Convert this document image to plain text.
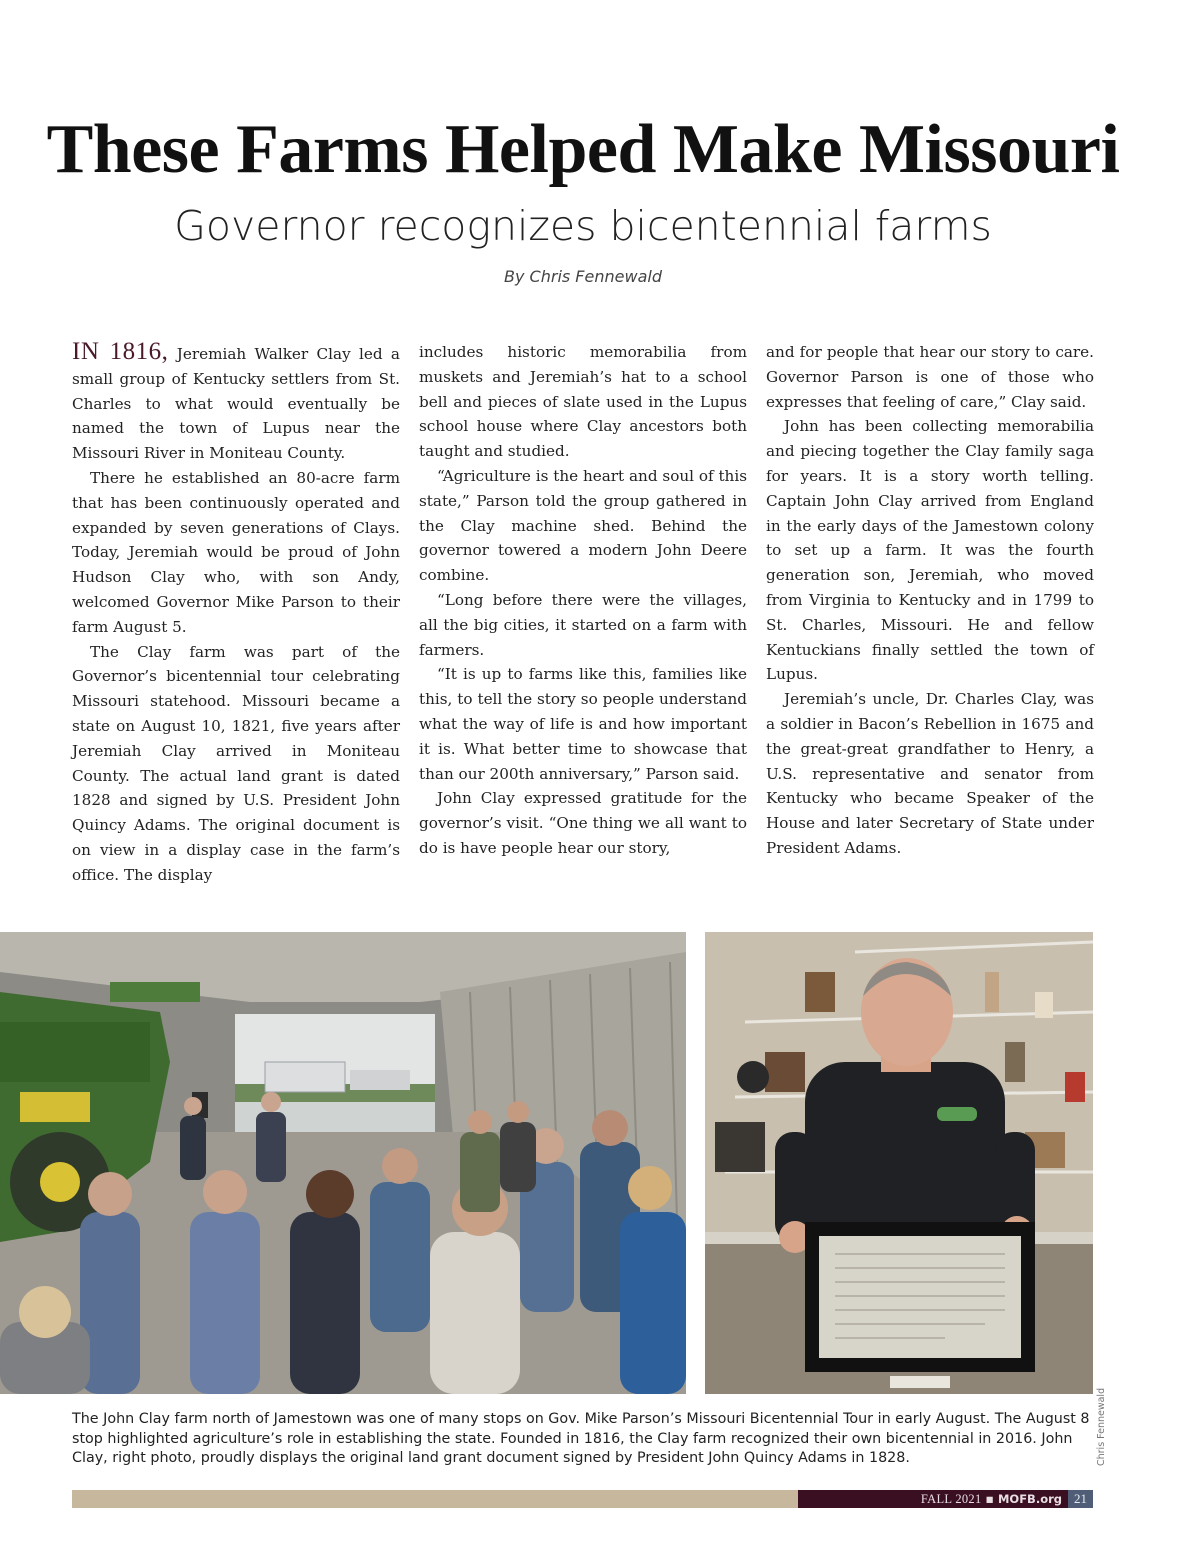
These Farms Helped Make Missouri
Governor recognizes bicentennial farms
By Chris Fennewald

IN 1816, Jeremiah Walker Clay led a small group of Kentucky settlers from St. Charles to what would eventually be named the town of Lupus near the Missouri River in Moniteau County.

There he established an 80-acre farm that has been continuously operated and expanded by seven generations of Clays. Today, Jeremiah would be proud of John Hudson Clay who, with son Andy, welcomed Governor Mike Parson to their farm August 5.

The Clay farm was part of the Governor’s bicentennial tour celebrating Missouri statehood. Missouri became a state on August 10, 1821, five years after Jeremiah Clay arrived in Moniteau County. The actual land grant is dated 1828 and signed by U.S. President John Quincy Adams. The original document is on view in a display case in the farm’s office. The display

includes historic memorabilia from muskets and Jeremiah’s hat to a school bell and pieces of slate used in the Lupus school house where Clay ancestors both taught and studied.

“Agriculture is the heart and soul of this state,” Parson told the group gathered in the Clay machine shed. Behind the governor towered a modern John Deere combine.

“Long before there were the villages, all the big cities, it started on a farm with farmers.

“It is up to farms like this, families like this, to tell the story so people understand what the way of life is and how important it is. What better time to showcase that than our 200th anniversary,” Parson said.

John Clay expressed gratitude for the governor’s visit. “One thing we all want to do is have people hear our story,

and for people that hear our story to care. Governor Parson is one of those who expresses that feeling of care,” Clay said.

John has been collecting memorabilia and piecing together the Clay family saga for years. It is a story worth telling. Captain John Clay arrived from England in the early days of the Jamestown colony to set up a farm. It was the fourth generation son, Jeremiah, who moved from Virginia to Kentucky and in 1799 to St. Charles, Missouri. He and fellow Kentuckians finally settled the town of Lupus.

Jeremiah’s uncle, Dr. Charles Clay, was a soldier in Bacon’s Rebellion in 1675 and the great-great grandfather to Henry, a U.S. representative and senator from Kentucky who became Speaker of the House and later Secretary of State under President Adams.

Chris Fennewald
The John Clay farm north of Jamestown was one of many stops on Gov. Mike Parson’s Missouri Bicentennial Tour in early August. The August 8 stop highlighted agriculture’s role in establishing the state. Founded in 1816, the Clay farm recognized their own bicentennial in 2016. John Clay, right photo, proudly displays the original land grant document signed by President John Quincy Adams in 1828.
FALL 2021 ▪ MOFB.org 21
